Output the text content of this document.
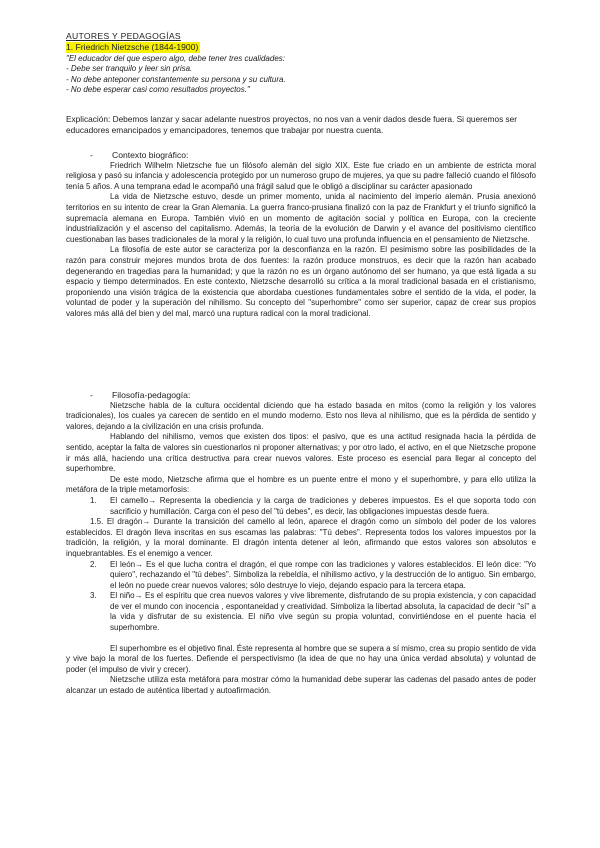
AUTORES Y PEDAGOGÍAS
1. Friedrich Nietzsche (1844-1900)
"El educador del que espero algo, debe tener tres cualidades:
- Debe ser tranquilo y leer sin prisa.
- No debe anteponer constantemente su persona y su cultura.
- No debe esperar casi como resultados proyectos."
Explicación: Debemos lanzar y sacar adelante nuestros proyectos, no nos van a venir dados desde fuera. Si queremos ser educadores emancipados y emancipadores, tenemos que trabajar por nuestra cuenta.
- Contexto biográfico:

Friedrich Wilhelm Nietzsche fue un filósofo alemán del siglo XIX. Este fue criado en un ambiente de estricta moral religiosa y pasó su infancia y adolescencia protegido por un numeroso grupo de mujeres, ya que su padre falleció cuando el filósofo tenía 5 años. A una temprana edad le acompañó una frágil salud que le obligó a disciplinar su carácter apasionado

La vida de Nietzsche estuvo, desde un primer momento, unida al nacimiento del imperio alemán. Prusia anexionó territorios en su intento de crear la Gran Alemania. La guerra franco-prusiana finalizó con la paz de Frankfurt y el triunfo significó la supremacía alemana en Europa. También vivió en un momento de agitación social y política en Europa, con la creciente industrialización y el ascenso del capitalismo. Además, la teoría de la evolución de Darwin y el avance del positivismo científico cuestionaban las bases tradicionales de la moral y la religión, lo cual tuvo una profunda influencia en el pensamiento de Nietzsche.

La filosofía de este autor se caracteriza por la desconfianza en la razón. El pesimismo sobre las posibilidades de la razón para construir mejores mundos brota de dos fuentes: la razón produce monstruos, es decir que la razón han acabado degenerando en tragedias para la humanidad; y que la razón no es un órgano autónomo del ser humano, ya que está ligada a su espacio y tiempo determinados. En este contexto, Nietzsche desarrolló su crítica a la moral tradicional basada en el cristianismo, proponiendo una visión trágica de la existencia que abordaba cuestiones fundamentales sobre el sentido de la vida, el poder, la voluntad de poder y la superación del nihilismo. Su concepto del "superhombre" como ser superior, capaz de crear sus propios valores más allá del bien y del mal, marcó una ruptura radical con la moral tradicional.

- Filosofía-pedagogía:

Nietzsche habla de la cultura occidental diciendo que ha estado basada en mitos (como la religión y los valores tradicionales), los cuales ya carecen de sentido en el mundo moderno. Esto nos lleva al nihilismo, que es la pérdida de sentido y valores, dejando a la civilización en una crisis profunda.

Hablando del nihilismo, vemos que existen dos tipos: el pasivo, que es una actitud resignada hacia la pérdida de sentido, aceptar la falta de valores sin cuestionarlos ni proponer alternativas; y por otro lado, el activo, en el que Nietzsche propone ir más allá, haciendo una crítica destructiva para crear nuevos valores. Este proceso es esencial para llegar al concepto del superhombre.

De este modo, Nietzsche afirma que el hombre es un puente entre el mono y el superhombre, y para ello utiliza la metáfora de la triple metamorfosis:

1. El camello→ Representa la obediencia y la carga de tradiciones y deberes impuestos. Es el que soporta todo con sacrificio y humillación. Carga con el peso del "tú debes", es decir, las obligaciones impuestas desde fuera.
1.5. El dragón→ Durante la transición del camello al león, aparece el dragón como un símbolo del poder de los valores establecidos. El dragón lleva inscritas en sus escamas las palabras: "Tú debes". Representa todos los valores impuestos por la tradición, la religión, y la moral dominante. El dragón intenta detener al león, afirmando que estos valores son absolutos e inquebrantables. Es el enemigo a vencer.
2. El león→ Es el que lucha contra el dragón, el que rompe con las tradiciones y valores establecidos. El león dice: "Yo quiero", rechazando el "tú debes". Simboliza la rebeldía, el nihilismo activo, y la destrucción de lo antiguo. Sin embargo, el león no puede crear nuevos valores; sólo destruye lo viejo, dejando espacio para la tercera etapa.
3. El niño→ Es el espíritu que crea nuevos valores y vive libremente, disfrutando de su propia existencia, y con capacidad de ver el mundo con inocencia , espontaneidad y creatividad. Simboliza la libertad absoluta, la capacidad de decir "sí" a la vida y disfrutar de su existencia. El niño vive según su propia voluntad, convirtiéndose en el puente hacia el superhombre.

El superhombre es el objetivo final. Éste representa al hombre que se supera a sí mismo, crea su propio sentido de vida y vive bajo la moral de los fuertes. Defiende el perspectivismo (la idea de que no hay una única verdad absoluta) y voluntad de poder (el impulso de vivir y crecer).

Nietzsche utiliza esta metáfora para mostrar cómo la humanidad debe superar las cadenas del pasado antes de poder alcanzar un estado de auténtica libertad y autoafirmación.
